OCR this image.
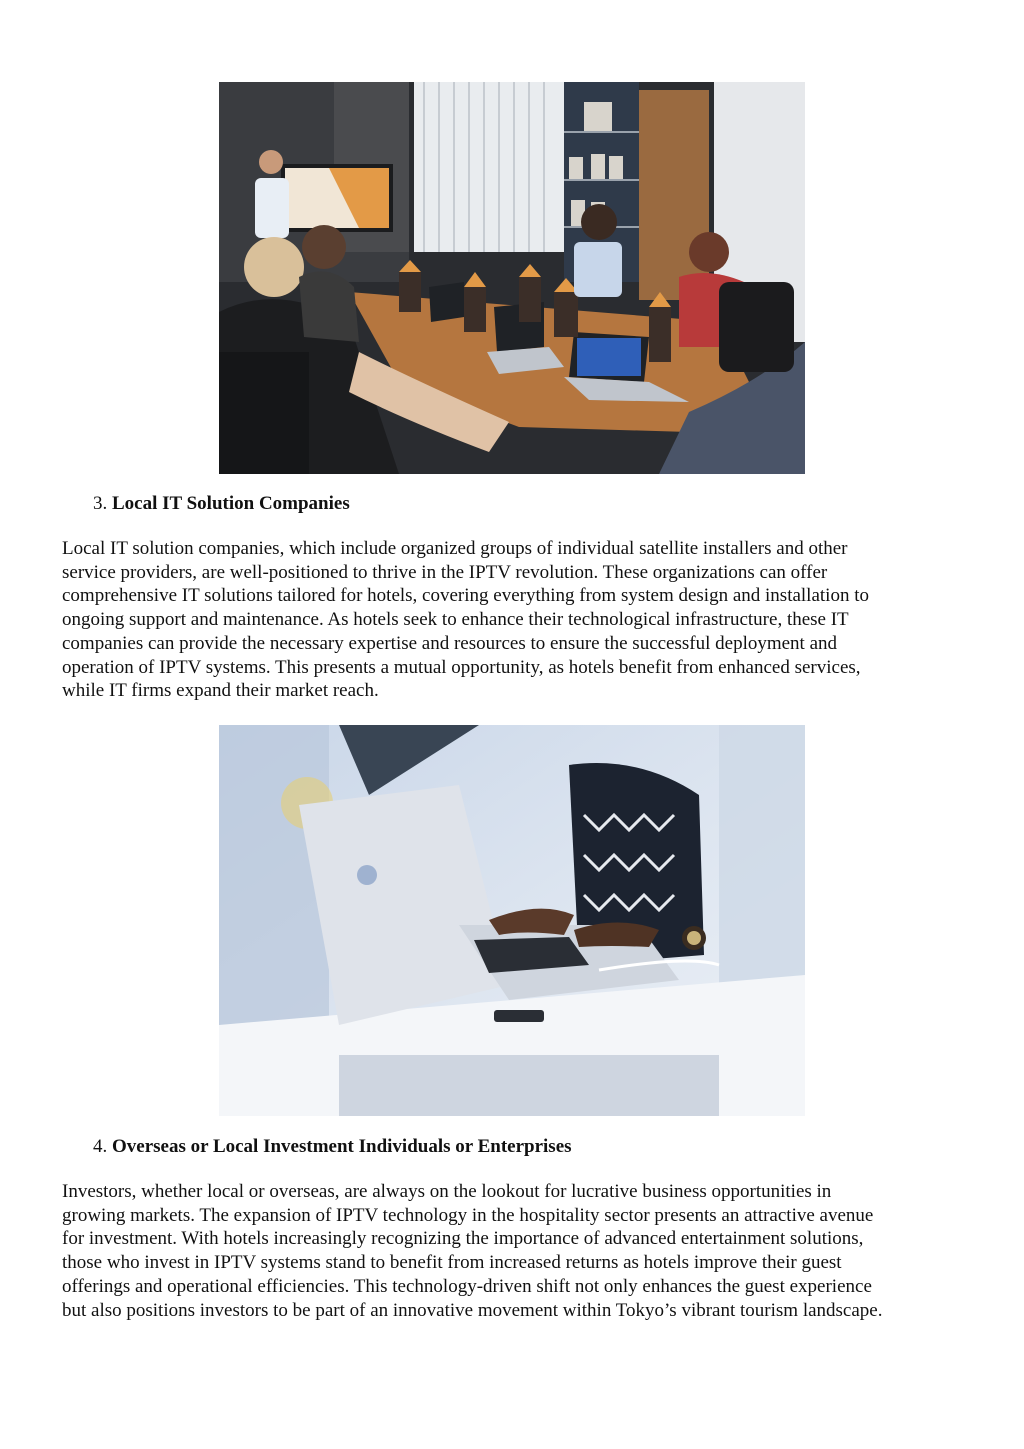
3. Local IT Solution Companies

Local IT solution companies, which include organized groups of individual satellite installers and other
service providers, are well-positioned to thrive in the IPTV revolution. These organizations can offer
comprehensive IT solutions tailored for hotels, covering everything from system design and installation to
ongoing support and maintenance. As hotels seek to enhance their technological infrastructure, these IT
companies can provide the necessary expertise and resources to ensure the successful deployment and
operation of IPTV systems. This presents a mutual opportunity, as hotels benefit from enhanced services,
while IT firms expand their market reach.

4. Overseas or Local Investment Individuals or Enterprises

Investors, whether local or overseas, are always on the lookout for lucrative business opportunities in
growing markets. The expansion of IPTV technology in the hospitality sector presents an attractive avenue
for investment. With hotels increasingly recognizing the importance of advanced entertainment solutions,
those who invest in IPTV systems stand to benefit from increased returns as hotels improve their guest
offerings and operational efficiencies. This technology-driven shift not only enhances the guest experience
but also positions investors to be part of an innovative movement within Tokyo’s vibrant tourism landscape.
